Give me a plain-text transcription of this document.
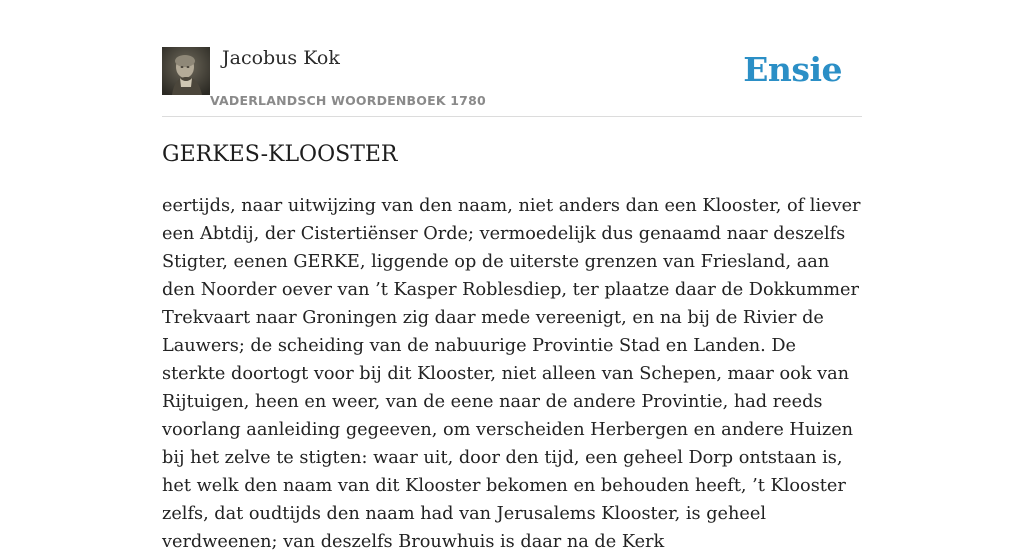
Jacobus Kok
VADERLANDSCH WOORDENBOEK 1780
Ensie
GERKES-KLOOSTER

eertijds, naar uitwijzing van den naam, niet anders dan een Klooster, of liever een Abtdij, der Cistertiënser Orde; vermoedelijk dus genaamd naar deszelfs Stigter, eenen GERKE, liggende op de uiterste grenzen van Friesland, aan den Noorder oever van ’t Kasper Roblesdiep, ter plaatze daar de Dokkummer Trekvaart naar Groningen zig daar mede vereenigt, en na bij de Rivier de Lauwers; de scheiding van de nabuurige Provintie Stad en Landen. De sterkte doortogt voor bij dit Klooster, niet alleen van Schepen, maar ook van Rijtuigen, heen en weer, van de eene naar de andere Provintie, had reeds voorlang aanleiding gegeeven, om verscheiden Herbergen en andere Huizen bij het zelve te stigten: waar uit, door den tijd, een geheel Dorp ontstaan is, het welk den naam van dit Klooster bekomen en behouden heeft, ’t Klooster zelfs, dat oudtijds den naam had van Jerusalems Klooster, is geheel verdweenen; van deszelfs Brouwhuis is daar na de Kerk
